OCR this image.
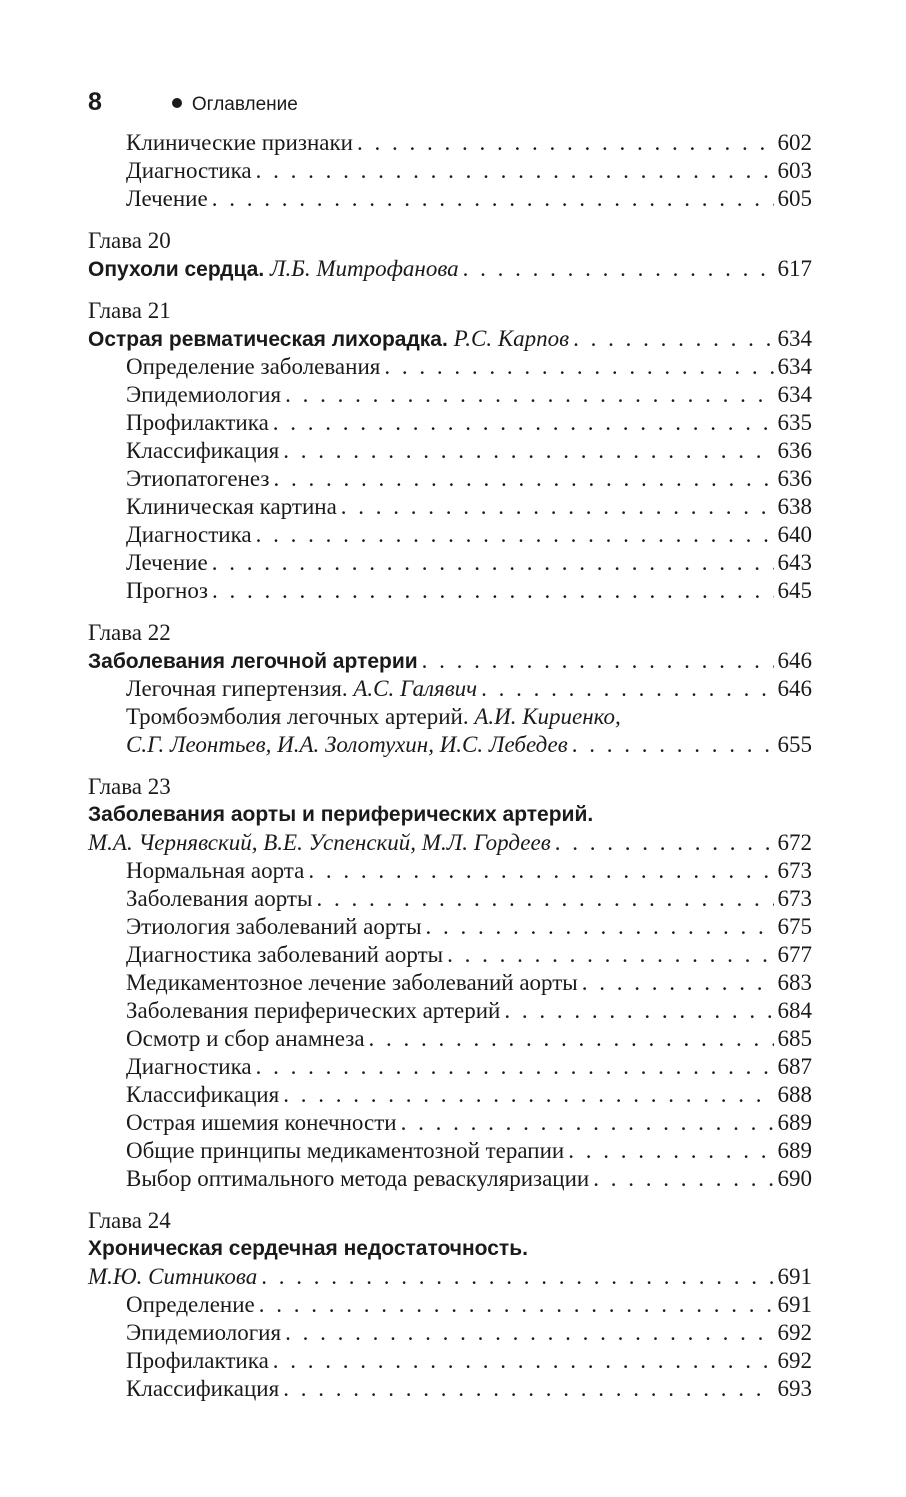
8	Оглавление
Клинические признаки . . .	602
Диагностика . . .	603
Лечение . . .	605
Глава 20
Опухоли сердца. Л.Б. Митрофанова . . .	617
Глава 21
Острая ревматическая лихорадка. Р.С. Карпов . . .	634
Определение заболевания . . .	634
Эпидемиология . . .	634
Профилактика . . .	635
Классификация . . .	636
Этиопатогенез . . .	636
Клиническая картина . . .	638
Диагностика . . .	640
Лечение . . .	643
Прогноз . . .	645
Глава 22
Заболевания легочной артерии . . .	646
Легочная гипертензия. А.С. Галявич . . .	646
Тромбоэмболия легочных артерий. А.И. Кириенко,
С.Г. Леонтьев, И.А. Золотухин, И.С. Лебедев . . .	655
Глава 23
Заболевания аорты и периферических артерий.
М.А. Чернявский, В.Е. Успенский, М.Л. Гордеев . . .	672
Нормальная аорта . . .	673
Заболевания аорты . . .	673
Этиология заболеваний аорты . . .	675
Диагностика заболеваний аорты . . .	677
Медикаментозное лечение заболеваний аорты . . .	683
Заболевания периферических артерий . . .	684
Осмотр и сбор анамнеза . . .	685
Диагностика . . .	687
Классификация . . .	688
Острая ишемия конечности . . .	689
Общие принципы медикаментозной терапии . . .	689
Выбор оптимального метода реваскуляризации . . .	690
Глава 24
Хроническая сердечная недостаточность.
М.Ю. Ситникова . . .	691
Определение . . .	691
Эпидемиология . . .	692
Профилактика . . .	692
Классификация . . .	693
